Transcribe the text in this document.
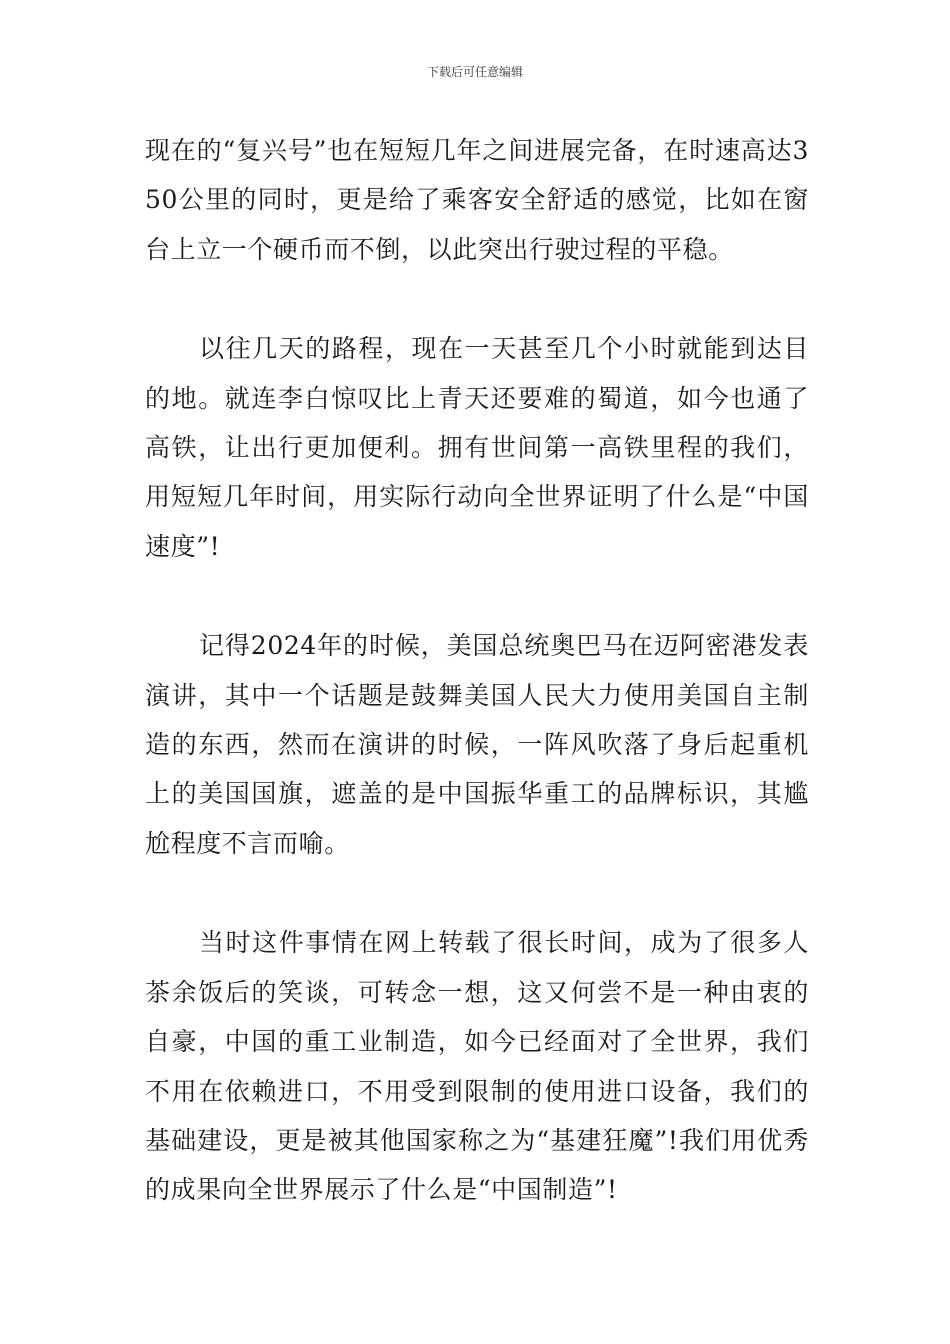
下载后可任意编辑

现在的“复兴号”也在短短几年之间进展完备，在时速高达350公里的同时，更是给了乘客安全舒适的感觉，比如在窗台上立一个硬币而不倒，以此突出行驶过程的平稳。

以往几天的路程，现在一天甚至几个小时就能到达目的地。就连李白惊叹比上青天还要难的蜀道，如今也通了高铁，让出行更加便利。拥有世间第一高铁里程的我们，用短短几年时间，用实际行动向全世界证明了什么是“中国速度”!

记得2024年的时候，美国总统奥巴马在迈阿密港发表演讲，其中一个话题是鼓舞美国人民大力使用美国自主制造的东西，然而在演讲的时候，一阵风吹落了身后起重机上的美国国旗，遮盖的是中国振华重工的品牌标识，其尴尬程度不言而喻。

当时这件事情在网上转载了很长时间，成为了很多人茶余饭后的笑谈，可转念一想，这又何尝不是一种由衷的自豪，中国的重工业制造，如今已经面对了全世界，我们不用在依赖进口，不用受到限制的使用进口设备，我们的基础建设，更是被其他国家称之为“基建狂魔”!我们用优秀的成果向全世界展示了什么是“中国制造”!
